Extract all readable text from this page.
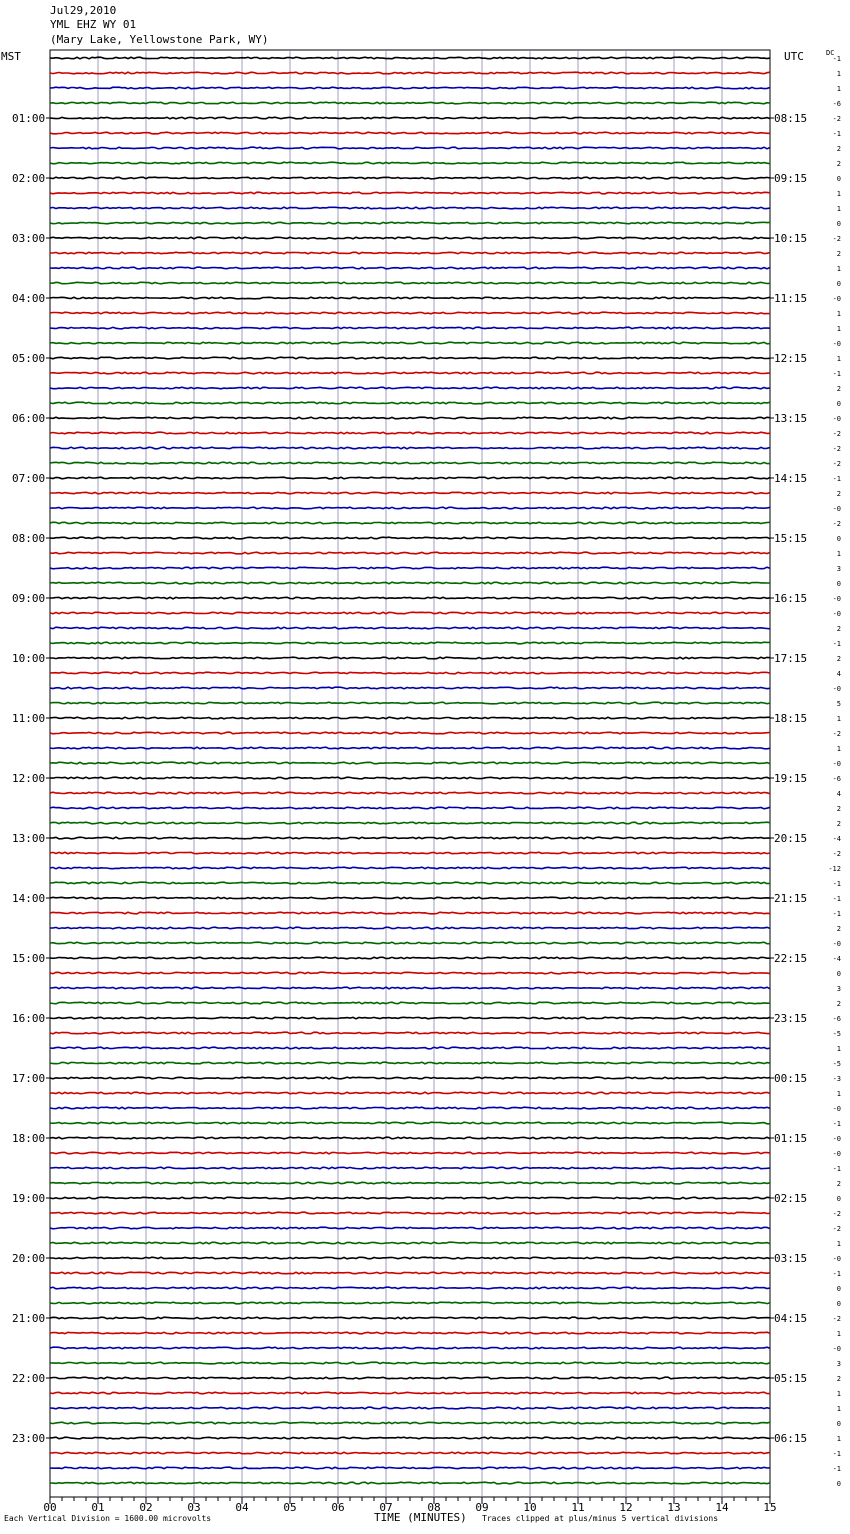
Jul29,2010
YML EHZ WY 01
(Mary Lake, Yellowstone Park, WY)
MST	UTC	DC
-1
1
1
-6
-2
-1
2
2
0
1
1
0
-2
2
1
0
-0
1
1
-0
1
-1
2
0
-0
-2
-2
-2
-1
2
-0
-2
0
1
3
0
-0
-0
2
-1
2
4
-0
5
1
-2
1
-0
-6
4
2
2
-4
-2
-12
-1
-1
-1
2
-0
-4
0
3
2
-6
-5
1
-5
-3
1
-0
-1
-0
-0
-1
2
0
-2
-2
1
-0
-1
0
0
-2
1
-0
3
2
1
1
0
1
-1
-1
0
01:00
02:00
03:00
04:00
05:00
06:00
07:00
08:00
09:00
10:00
11:00
12:00
13:00
14:00
15:00
16:00
17:00
18:00
19:00
20:00
21:00
22:00
23:00
08:15
09:15
10:15
11:15
12:15
13:15
14:15
15:15
16:15
17:15
18:15
19:15
20:15
21:15
22:15
23:15
00:15
01:15
02:15
03:15
04:15
05:15
06:15
00	01	02	03	04	05	06	07	08	09	10	11	12	13	14	15
Each Vertical Division = 1600.00 microvolts	TIME (MINUTES) Traces clipped at plus/minus 5 vertical divisions
